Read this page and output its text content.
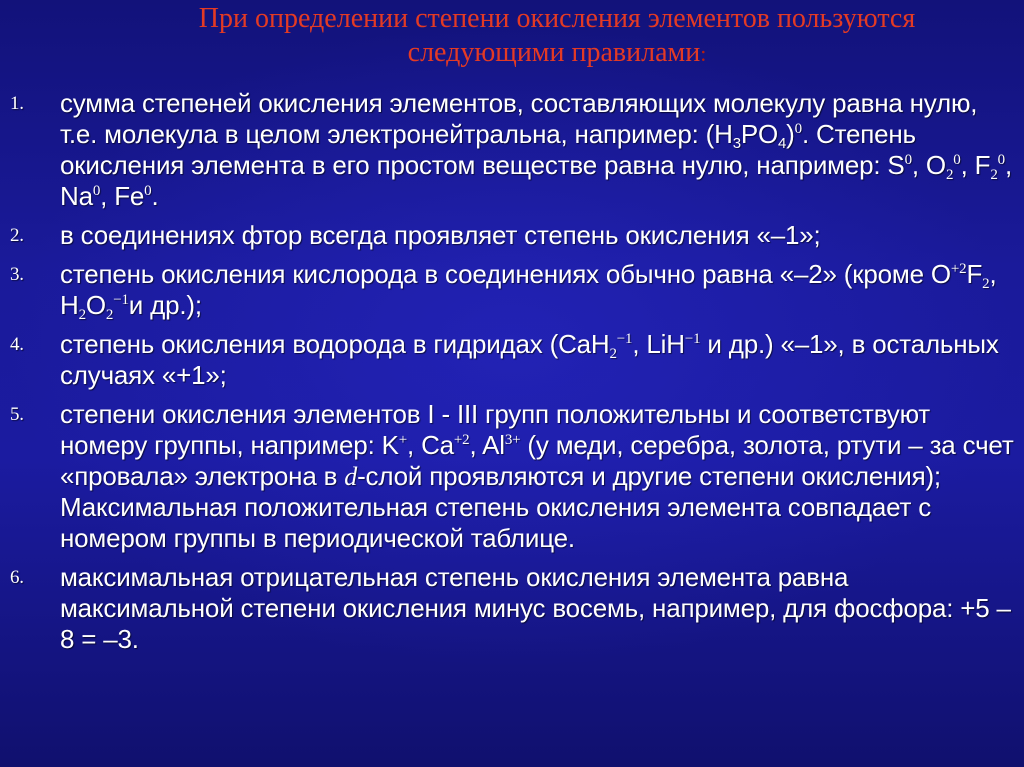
При определении степени окисления элементов пользуются
следующими правилами:
1. сумма степеней окисления элементов, составляющих молекулу равна нулю, т.е. молекула в целом электронейтральна, например: $(H_3PO_4)^0$. Степень окисления элемента в его простом веществе равна нулю, например: $S^0$, $O_2^0$, $F_2^0$, Na$^0$, Fe$^0$.
2. в соединениях фтор всегда проявляет степень окисления «–1»;
3. степень окисления кислорода в соединениях обычно равна «–2» (кроме $O^{+2}F_2$, $H_2O_2^{-1}и$ др.);
4. степень окисления водорода в гидридах (CaH$_2^{-1}$, LiH$^{-1}$ и др.) «–1», в остальных случаях «+1»;
5. степени окисления элементов I - III групп положительны и соответствуют номеру группы, например: K+, $Ca^{+2}$, $Al^{3+}$ (у меди, серебра, золота, ртути – за счет «провала» электрона в d-слой проявляются и другие степени окисления); Максимальная положительная степень окисления элемента совпадает с номером группы в периодической таблице.
6. максимальная отрицательная степень окисления элемента равна максимальной степени окисления минус восемь, например, для фосфора: +5 – 8 = –3.
